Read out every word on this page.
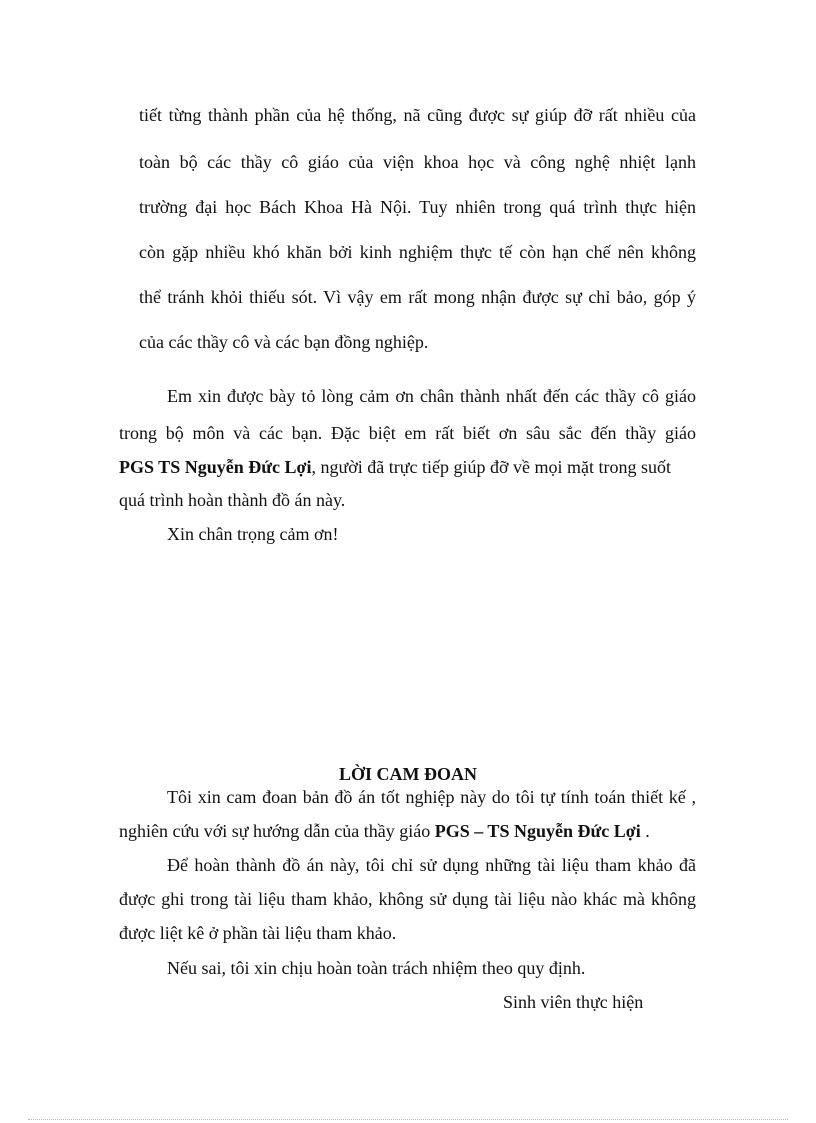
tiết từng thành phần của hệ thống, nã cũng được sự giúp đỡ rất nhiều của
toàn bộ các thầy cô giáo của viện khoa học và công nghệ nhiệt lạnh
trường đại học Bách Khoa Hà Nội. Tuy nhiên trong quá trình thực hiện
còn gặp nhiều khó khăn bởi kinh nghiệm thực tế còn hạn chế nên không
thể tránh khỏi thiếu sót. Vì vậy em rất mong nhận được sự chỉ bảo, góp ý
của các thầy cô và các bạn đồng nghiệp.
Em xin được bày tỏ lòng cảm ơn chân thành nhất đến các thầy cô giáo
trong bộ môn và các bạn. Đặc biệt em rất biết ơn sâu sắc đến thầy giáo
PGS TS Nguyễn Đức Lợi, người đã trực tiếp giúp đỡ về mọi mặt trong suốt
quá trình hoàn thành đồ án này.
Xin chân trọng cảm ơn!
LỜI CAM ĐOAN
Tôi xin cam đoan bản đồ án tốt nghiệp này do tôi tự tính toán thiết kế ,
nghiên cứu với sự hướng dẫn của thầy giáo PGS – TS Nguyễn Đức Lợi .
Để hoàn thành đồ án này, tôi chỉ sử dụng những tài liệu tham khảo đã
được ghi trong tài liệu tham khảo, không sử dụng tài liệu nào khác mà không
được liệt kê ở phần tài liệu tham khảo.
Nếu sai, tôi xin chịu hoàn toàn trách nhiệm theo quy định.
Sinh viên thực hiện
